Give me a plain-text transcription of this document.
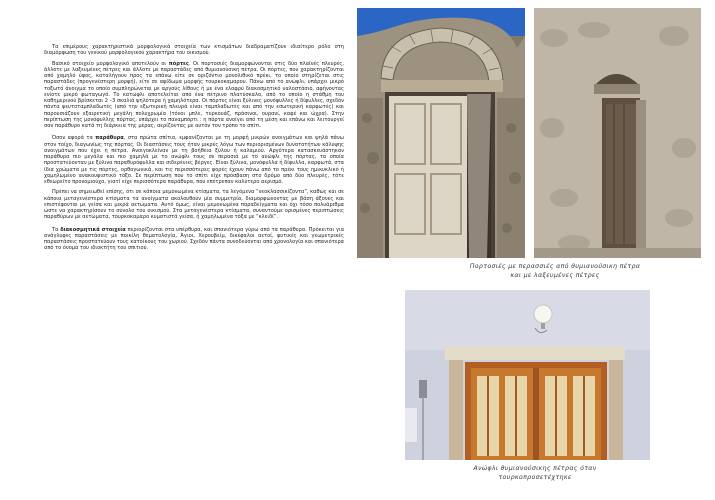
Τα επιμέρους χαρακτηριστικά μορφολογικά στοιχεία των κτισμάτων διαδραματίζουν ιδιαίτερο ρόλο στη διαμόρφωση του γενικού μορφολογικού χαρακτήρα του οικισμού.

Βασικό στοιχείο μορφολογικό αποτελούν οι πόρτες. Οι πορτοσιές διαμορφώνονται στις δύο πλαϊνές πλευρές, άλλοτε με λαξευμένες πέτρες και άλλοτε με παραστάδες από θυμιανούσικη πέτρα. Οι πόρτες, που χαρακτηρίζονται από χαμηλό ύψος, καταλήγουν προς τα επάνω είτε σε οριζόντιο μονολιθικό πρέκι, το οποίο στηρίζεται στις παραστάδες (προγενέστερη μορφή), είτε σε αψίδωμα μορφής τουρκοκαμαρου. Πάνω από το ανώφλι, υπάρχει μικρό τοξωτό άνοιγμα το οποίο συμπληρώνεται με αργούς λίθους ή με ένα ελαφρύ διακοσμητικό υαλοστάσιο, αφήνοντας ενίοτε μικρό φωταγωγό. Το κατώφλι αποτελείται από ένα πέτρινο πλατύσκαλο, από το οποίο η στάθμη του καθημερινού βρίσκεται 2 –3 σκαλιά ψηλότερα ή χαμηλότερα. Οι πόρτες είναι ξύλινες μονόφυλλες ή δίφυλλες, σχεδόν πάντα ψευτοταμπλαδωτές (από την εξωτερική πλευρά είναι ταμπλαδωτές και από την εσωτερική καρφωτές) και παρουσιάζουν εξαιρετική μεγάλη πολυχρωμία (τόνοι μπλε, τυρκουάζ, πράσινοι, ουρανί, καφέ και ώχρα). Στην περίπτωση της μονόφυλλης πόρτας, υπάρχει το παναμπόρτι : η πόρτα ανοίγει από τη μέση και επάνω και λειτουργεί σαν παράθυρο κατά τη διάρκεια της μέρας, αερίζοντας με αυτόν τον τρόπο το σπίτι.

Όσον αφορά τα παράθυρα, στα πρώτα σπίτια, εμφανίζονται με τη μορφή μικρών ανοιγμάτων και ψηλά πάνω στον τοίχο, διαγωνίως της πόρτας. Οι διαστάσεις τους ήταν μικρές λόγω των περιορισμένων δυνατοτήτων κάλυψης ανοιγμάτων που έχει η πέτρα. Ανοιγοκλείναν με τη βοήθεια ξύλου ή καλαμιού. Αργότερα κατασκευάστηκαν παράθυρα πιο μεγάλα και πιο χαμηλά με το ανώφλι τους σε περασιά με το ανώφλι της πόρτας, τα οποία προστατεύονταν με ξύλινα παραθυρόφυλλα και σιδερένιες βέργες. Είναι ξύλινα, μονόφυλλα ή δίφυλλα, καρφωτά, στα ίδια χρώματα με τις πόρτες, ορθογωνικά, και τις περισσότερες φορές έχουν πάνω από το πρέκι τους ημικυκλικό ή χαμηλωμένο ανακουφιστικό τόξο. Σε περίπτωση που το σπίτι είχε πρόσβαση στο δρόμο από δύο πλευρές, τότε εθεωρείτο προνομιούχο, γιατί είχε περισσότερα παράθυρα, που επέτρεπαν καλύτερο αερισμό.

Πρέπει να σημειωθεί επίσης, ότι σε κάποια μεμονωμένα κτίσματα, τα λεγόμενα “νεοκλασσικίζοντα”, καθώς και σε κάποια μεταγενέστερα κτίσματα τα ανοίγματα ακολουθούν μία συμμετρία, διαμορφώνοντας με βάση άξονες και επιστέφονται με γείσα και μικρά αετώματα. Αυτό όμως, είναι μεμονωμένα παραδείγματα και όχι τόσο πολυάριθμα ώστε να χαρακτηρίσουν το σύνολο του οικισμού. Στα μεταγενέστερα κτίσματα, συναντούμε ορισμένες περιπτώσεις παραθύρων με αετώματα, τουρκοκαμαρο κυματιστά γείσα, ή χαμηλωμένα τόξα με “κλειδί”.

Τα διακοσμητικά στοιχεία περιορίζονται στα υπέρθυρα, και σπανιότερα γύρω από τα παράθυρα. Πρόκειται για ανάγλυφες παραστάσεις με ποικίλη θεματολογία, Άγιοι, Χερουβείμ, δικέφαλοι αετοί, φυτικές και γεωμετρικές παραστάσεις προστατεύουν τους κατοίκους του χωριού. Σχεδόν πάντα συνοδεύονται από χρονολογία και σπανιότερα από το όνομα του ιδιοκτήτη του σπιτιού.

Πορτοσιές με περασσιές από θυμιανούσικη πέτρα
και με λαξευμένες πέτρες
Ανώφλι θυμιανούσικης πέτρας όταν
τουρκοπροσετέχτηκε
